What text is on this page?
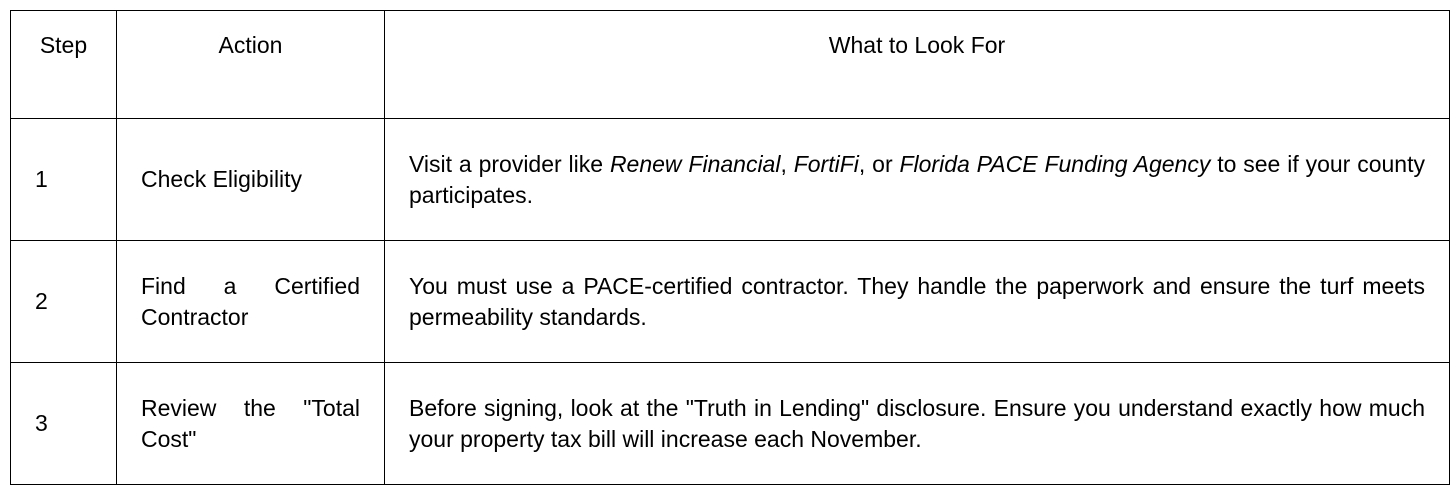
Step	Action	What to Look For
1	Check Eligibility	Visit a provider like Renew Financial, FortiFi, or Florida PACE Funding Agency to see if your county participates.
2	Find a Certified Contractor	You must use a PACE-certified contractor. They handle the paperwork and ensure the turf meets permeability standards.
3	Review the "Total Cost"	Before signing, look at the "Truth in Lending" disclosure. Ensure you understand exactly how much your property tax bill will increase each November.
